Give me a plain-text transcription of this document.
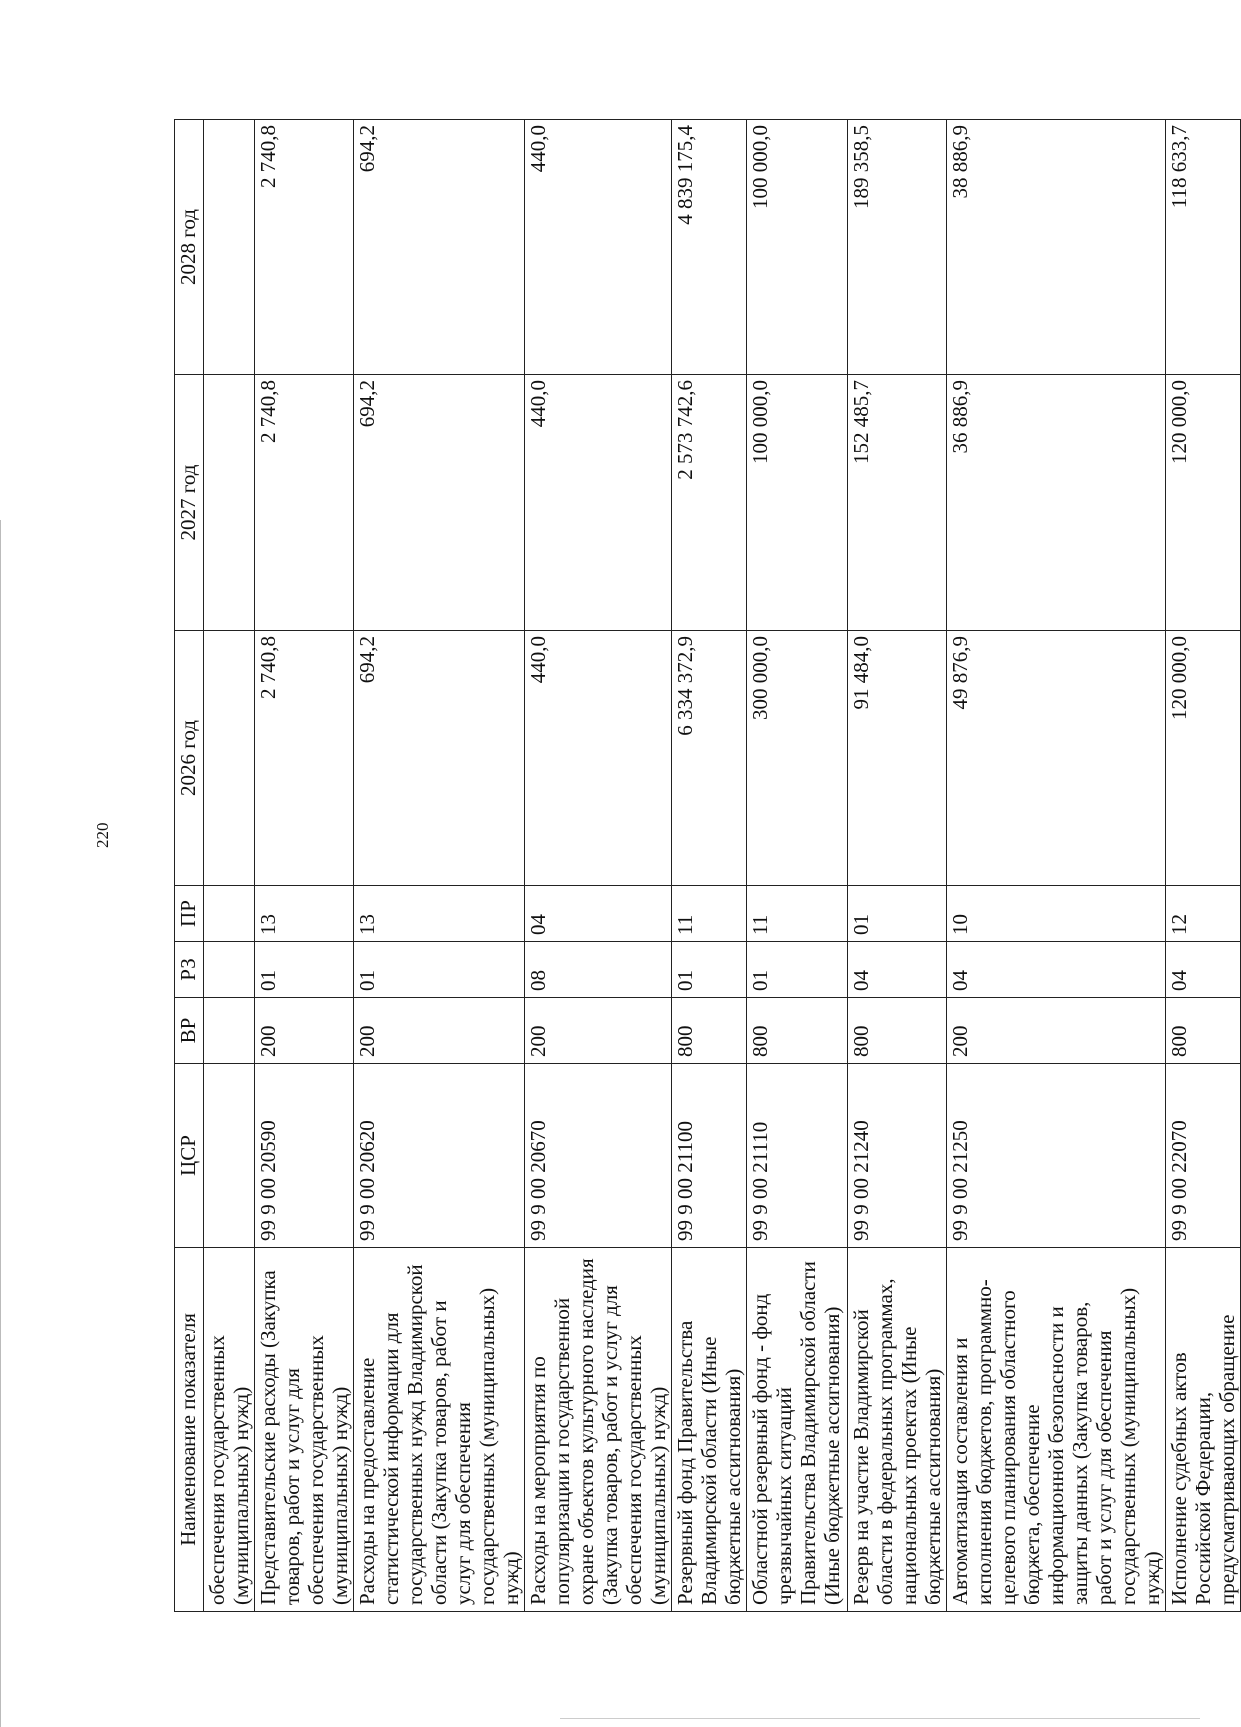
220
Наименование показателя	ЦСР	ВР	РЗ	ПР	2026 год	2027 год	2028 год
обеспечения государственных (муниципальных) нужд)							
Представительские расходы (Закупка товаров, работ и услуг для обеспечения государственных (муниципальных) нужд)	99 9 00 20590	200	01	13	2 740,8	2 740,8	2 740,8
Расходы на предоставление статистической информации для государственных нужд Владимирской области (Закупка товаров, работ и услуг для обеспечения государственных (муниципальных) нужд)	99 9 00 20620	200	01	13	694,2	694,2	694,2
Расходы на мероприятия по популяризации и государственной охране объектов культурного наследия (Закупка товаров, работ и услуг для обеспечения государственных (муниципальных) нужд)	99 9 00 20670	200	08	04	440,0	440,0	440,0
Резервный фонд Правительства Владимирской области (Иные бюджетные ассигнования)	99 9 00 21100	800	01	11	6 334 372,9	2 573 742,6	4 839 175,4
Областной резервный фонд - фонд чрезвычайных ситуаций Правительства Владимирской области (Иные бюджетные ассигнования)	99 9 00 21110	800	01	11	300 000,0	100 000,0	100 000,0
Резерв на участие Владимирской области в федеральных программах, национальных проектах (Иные бюджетные ассигнования)	99 9 00 21240	800	04	01	91 484,0	152 485,7	189 358,5
Автоматизация составления и исполнения бюджетов, программно-целевого планирования областного бюджета, обеспечение информационной безопасности и защиты данных (Закупка товаров, работ и услуг для обеспечения государственных (муниципальных) нужд)	99 9 00 21250	200	04	10	49 876,9	36 886,9	38 886,9
Исполнение судебных актов Российской Федерации, предусматривающих обращение	99 9 00 22070	800	04	12	120 000,0	120 000,0	118 633,7
